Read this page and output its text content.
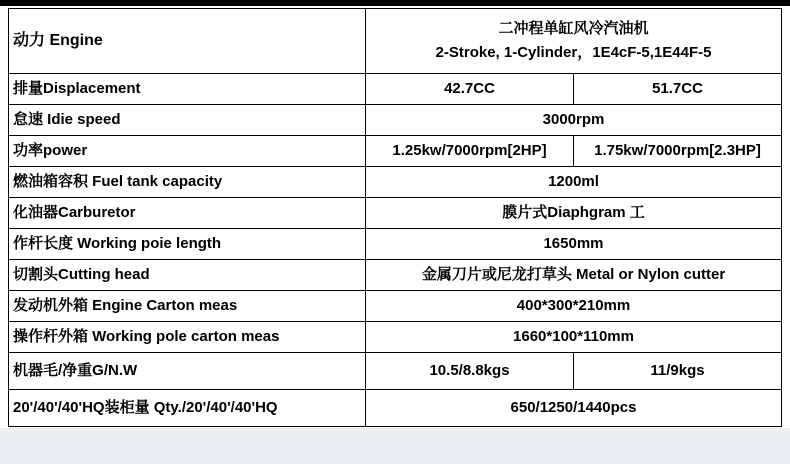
动力 Engine	二冲程单缸风冷汽油机
2-Stroke, 1-Cylinder，1E4cF-5,1E44F-5	

排量Displacement	42.7CC	51.7CC
怠速 Idie speed	3000rpm	
功率power	1.25kw/7000rpm[2HP]	1.75kw/7000rpm[2.3HP]
燃油箱容积 Fuel tank capacity	1200ml	
化油器Carburetor	膜片式Diaphgram 工	
作杆长度 Working poie length	1650mm	
切割头Cutting head	金属刀片或尼龙打草头 Metal or Nylon cutter	
发动机外箱 Engine Carton meas	400*300*210mm	
操作杆外箱 Working pole carton meas	1660*100*110mm	
机器毛/净重G/N.W	10.5/8.8kgs	11/9kgs
20'/40'/40'HQ装柜量 Qty./20'/40'/40'HQ	650/1250/1440pcs	
